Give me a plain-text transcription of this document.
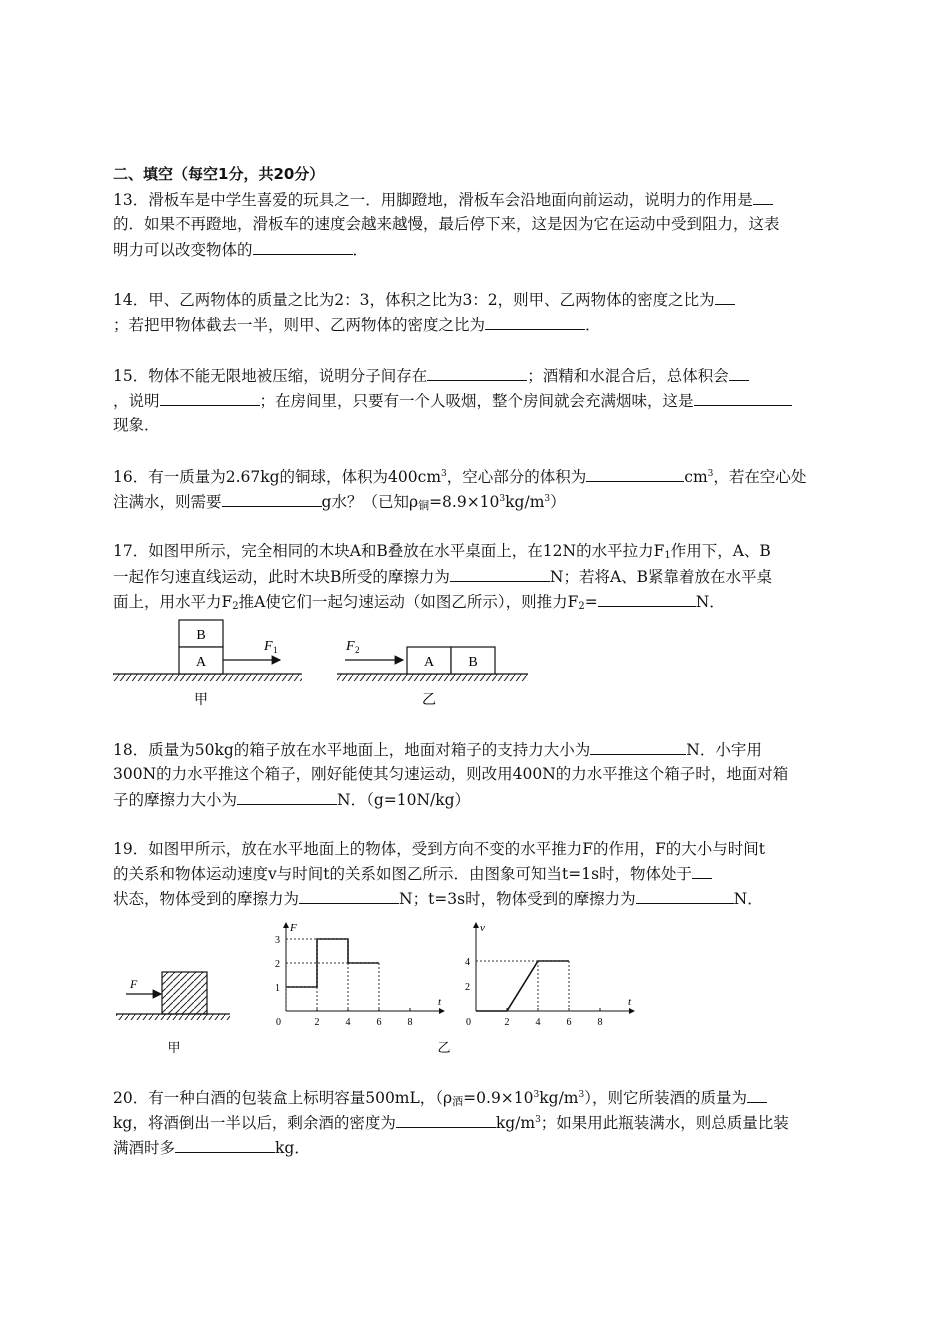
二、填空（每空1分，共20分）
13．滑板车是中学生喜爱的玩具之一．用脚蹬地，滑板车会沿地面向前运动，说明力的作用是
的．如果不再蹬地，滑板车的速度会越来越慢，最后停下来，这是因为它在运动中受到阻力，这表
明力可以改变物体的	．
14．甲、乙两物体的质量之比为2：3，体积之比为3：2，则甲、乙两物体的密度之比为
；若把甲物体截去一半，则甲、乙两物体的密度之比为	．
15．物体不能无限地被压缩，说明分子间存在	；酒精和水混合后，总体积会
，说明	；在房间里，只要有一个人吸烟，整个房间就会充满烟味，这是
现象．
16．有一质量为2.67kg的铜球，体积为$400cm^3$，空心部分的体积为	$cm^3$，若在空心处
注满水，则需要	g水？（已知$\rho_铜=8.9\times 10^3kg/m^3$）
17．如图甲所示，完全相同的木块A和B叠放在水平桌面上，在12N的水平拉力$F_1$作用下，A、B
一起作匀速直线运动，此时木块B所受的摩擦力为	N；若将A、B紧靠着放在水平桌
面上，用水平力$F_2$推A使它们一起匀速运动（如图乙所示），则推力$F_2=$	N．
B
A
F 1
甲
A B
F 2
乙
18．质量为50kg的箱子放在水平地面上，地面对箱子的支持力大小为	N．小宇用
300N的力水平推这个箱子，刚好能使其匀速运动，则改用400N的力水平推这个箱子时，地面对箱
子的摩擦力大小为	N．（g=10N/kg）
19．如图甲所示，放在水平地面上的物体，受到方向不变的水平推力F的作用，F的大小与时间t
的关系和物体运动速度v与时间t的关系如图乙所示．由图象可知当t=1s时，物体处于
状态，物体受到的摩擦力为	N；t=3s时，物体受到的摩擦力为	N．
F
甲
F
t
0	2	4	6	8
1
2
3
v
t
0	2	4	6	8
2
4
乙
20．有一种白酒的包装盒上标明容量500mL，$(\rho_酒=0.9\times 10^3kg/m^3)$，则它所装酒的质量为
kg，将酒倒出一半以后，剩余酒的密度为	$kg/m^3$；如果用此瓶装满水，则总质量比装
满酒时多	kg．
